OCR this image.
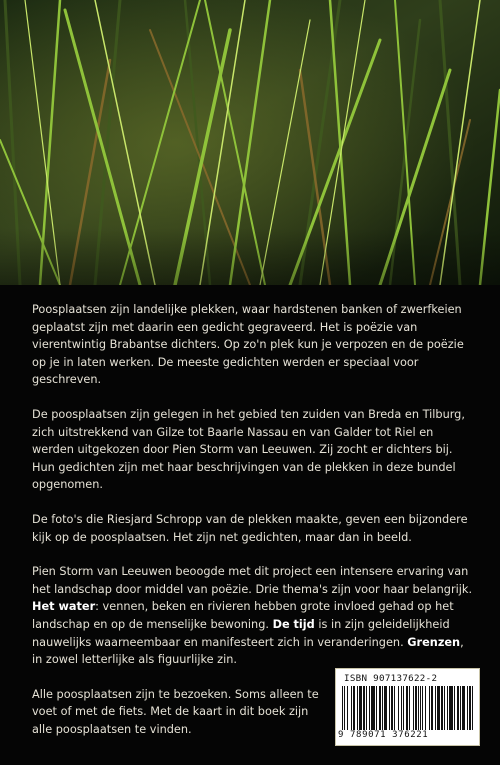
Poosplaatsen zijn landelijke plekken, waar hardstenen banken of zwerfkeien geplaatst zijn met daarin een gedicht gegraveerd. Het is poëzie van vierentwintig Brabantse dichters. Op zo'n plek kun je verpozen en de poëzie op je in laten werken. De meeste gedichten werden er speciaal voor geschreven.

De poosplaatsen zijn gelegen in het gebied ten zuiden van Breda en Tilburg, zich uitstrekkend van Gilze tot Baarle Nassau en van Galder tot Riel en werden uitgekozen door Pien Storm van Leeuwen. Zij zocht er dichters bij. Hun gedichten zijn met haar beschrijvingen van de plekken in deze bundel opgenomen.

De foto's die Riesjard Schropp van de plekken maakte, geven een bijzondere kijk op de poosplaatsen. Het zijn net gedichten, maar dan in beeld.

Pien Storm van Leeuwen beoogde met dit project een intensere ervaring van het landschap door middel van poëzie. Drie thema's zijn voor haar belangrijk.
Het water: vennen, beken en rivieren hebben grote invloed gehad op het landschap en op de menselijke bewoning. De tijd is in zijn geleidelijkheid nauwelijks waarneembaar en manifesteert zich in veranderingen. Grenzen, in zowel letterlijke als figuurlijke zin.

Alle poosplaatsen zijn te bezoeken. Soms alleen te voet of met de fiets. Met de kaart in dit boek zijn alle poosplaatsen te vinden.

ISBN 907137622-2
9 789071 376221
